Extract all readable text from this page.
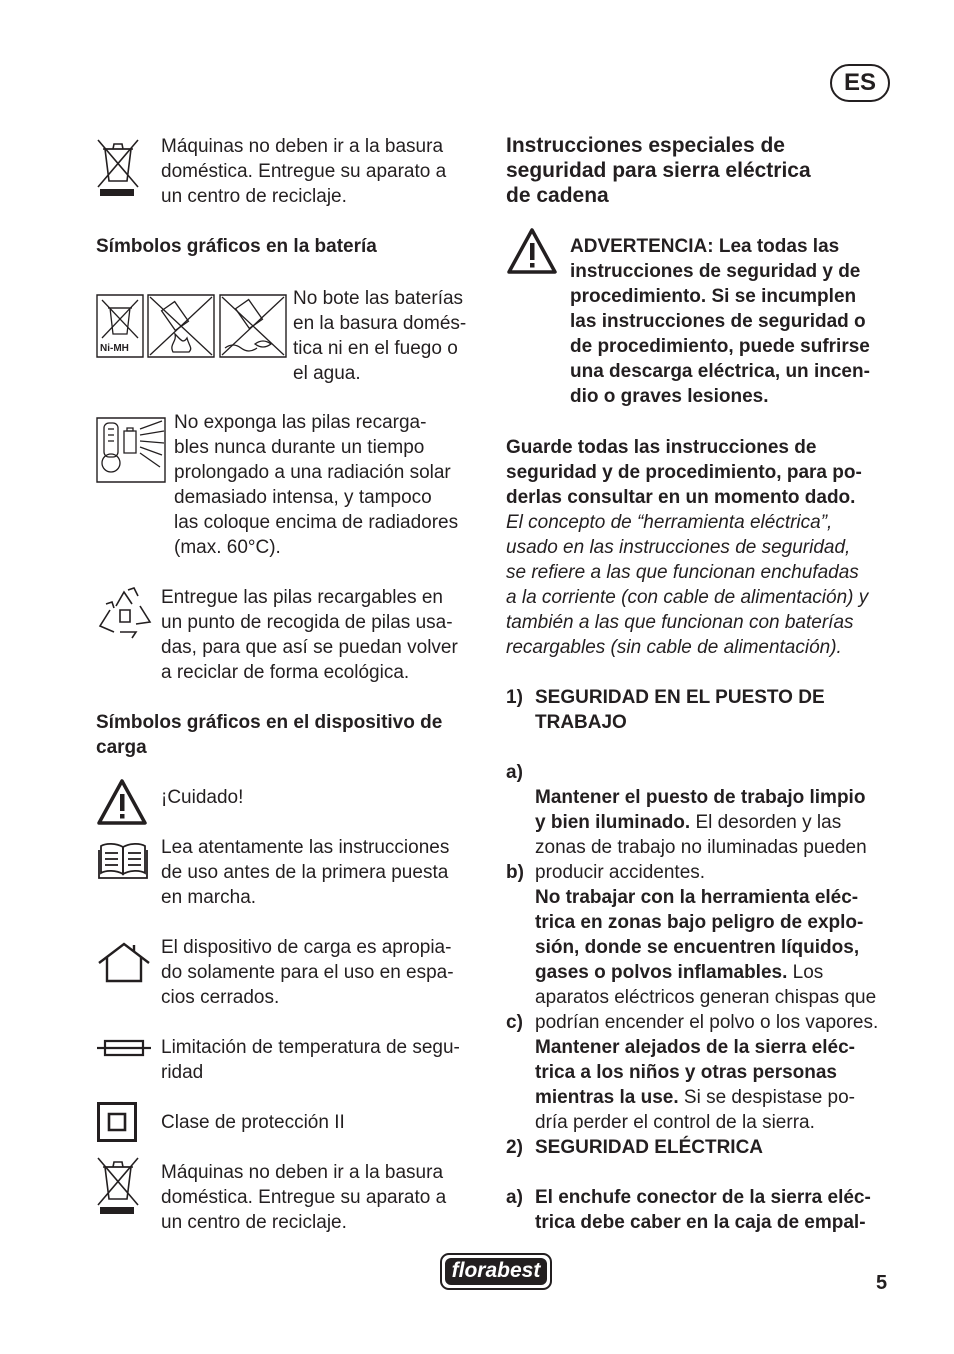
ES
Máquinas no deben ir a la basura
doméstica. Entregue su aparato a
un centro de reciclaje.
Símbolos gráficos en la batería
Ni-MH
No bote las baterías
en la basura domés-
tica ni en el fuego o
el agua.
No exponga las pilas recarga-
bles nunca durante un tiempo
prolongado a una radiación solar
demasiado intensa, y tampoco
las coloque encima de radiadores
(max. 60°C).
Entregue las pilas recargables en
un punto de recogida de pilas usa-
das, para que así se puedan volver
a reciclar de forma ecológica.
Símbolos gráficos en el dispositivo de
carga
¡Cuidado!
Lea atentamente las instrucciones
de uso antes de la primera puesta
en marcha.
El dispositivo de carga es apropia-
do solamente para el uso en espa-
cios cerrados.
Limitación de temperatura de segu-
ridad
Clase de protección II
Máquinas no deben ir a la basura
doméstica. Entregue su aparato a
un centro de reciclaje.
Instrucciones especiales de
seguridad para sierra eléctrica
de cadena
ADVERTENCIA: Lea todas las
instrucciones de seguridad y de
procedimiento. Si se incumplen
las instrucciones de seguridad o
de procedimiento, puede sufrirse
una descarga eléctrica, un incen-
dio o graves lesiones.
Guarde todas las instrucciones de
seguridad y de procedimiento, para po-
derlas consultar en un momento dado.
El concepto de “herramienta eléctrica”,
usado en las instrucciones de seguridad,
se refiere a las que funcionan enchufadas
a la corriente (con cable de alimentación) y
también a las que funcionan con baterías
recargables (sin cable de alimentación).
1) SEGURIDAD EN EL PUESTO DE
TRABAJO
a)

Mantener el puesto de trabajo limpio
y bien iluminado. El desorden y las
zonas de trabajo no iluminadas pueden
producir accidentes.

b)

No trabajar con la herramienta eléc-
trica en zonas bajo peligro de explo-
sión, donde se encuentren líquidos,
gases o polvos inflamables. Los
aparatos eléctricos generan chispas que
podrían encender el polvo o los vapores.

c)

Mantener alejados de la sierra eléc-
trica a los niños y otras personas
mientras la use. Si se despistase po-
dría perder el control de la sierra.

2) SEGURIDAD ELÉCTRICA
a) El enchufe conector de la sierra eléc-
trica debe caber en la caja de empal-
florabest
5
